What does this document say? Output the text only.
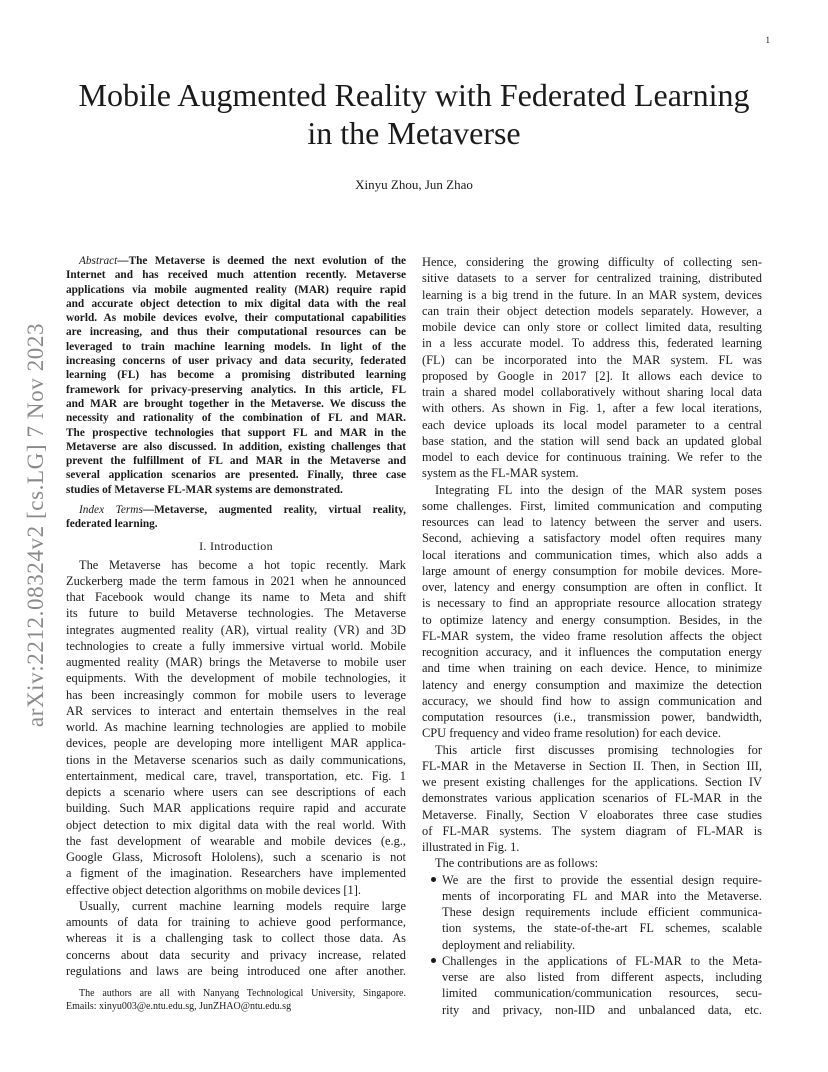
1
arXiv:2212.08324v2 [cs.LG] 7 Nov 2023
Mobile Augmented Reality with Federated Learning
in the Metaverse
Xinyu Zhou, Jun Zhao
Abstract—The Metaverse is deemed the next evolution of the
Internet and has received much attention recently. Metaverse
applications via mobile augmented reality (MAR) require rapid
and accurate object detection to mix digital data with the real
world. As mobile devices evolve, their computational capabilities
are increasing, and thus their computational resources can be
leveraged to train machine learning models. In light of the
increasing concerns of user privacy and data security, federated
learning (FL) has become a promising distributed learning
framework for privacy-preserving analytics. In this article, FL
and MAR are brought together in the Metaverse. We discuss the
necessity and rationality of the combination of FL and MAR.
The prospective technologies that support FL and MAR in the
Metaverse are also discussed. In addition, existing challenges that
prevent the fulfillment of FL and MAR in the Metaverse and
several application scenarios are presented. Finally, three case
studies of Metaverse FL-MAR systems are demonstrated.
Index Terms—Metaverse, augmented reality, virtual reality,
federated learning.
I. Introduction
The Metaverse has become a hot topic recently. Mark
Zuckerberg made the term famous in 2021 when he announced
that Facebook would change its name to Meta and shift
its future to build Metaverse technologies. The Metaverse
integrates augmented reality (AR), virtual reality (VR) and 3D
technologies to create a fully immersive virtual world. Mobile
augmented reality (MAR) brings the Metaverse to mobile user
equipments. With the development of mobile technologies, it
has been increasingly common for mobile users to leverage
AR services to interact and entertain themselves in the real
world. As machine learning technologies are applied to mobile
devices, people are developing more intelligent MAR applica-
tions in the Metaverse scenarios such as daily communications,
entertainment, medical care, travel, transportation, etc. Fig. 1
depicts a scenario where users can see descriptions of each
building. Such MAR applications require rapid and accurate
object detection to mix digital data with the real world. With
the fast development of wearable and mobile devices (e.g.,
Google Glass, Microsoft Hololens), such a scenario is not
a figment of the imagination. Researchers have implemented
effective object detection algorithms on mobile devices [1].
Usually, current machine learning models require large
amounts of data for training to achieve good performance,
whereas it is a challenging task to collect those data. As
concerns about data security and privacy increase, related
regulations and laws are being introduced one after another.
The authors are all with Nanyang Technological University, Singapore.
Emails: xinyu003@e.ntu.edu.sg, JunZHAO@ntu.edu.sg
Hence, considering the growing difficulty of collecting sen-
sitive datasets to a server for centralized training, distributed
learning is a big trend in the future. In an MAR system, devices
can train their object detection models separately. However, a
mobile device can only store or collect limited data, resulting
in a less accurate model. To address this, federated learning
(FL) can be incorporated into the MAR system. FL was
proposed by Google in 2017 [2]. It allows each device to
train a shared model collaboratively without sharing local data
with others. As shown in Fig. 1, after a few local iterations,
each device uploads its local model parameter to a central
base station, and the station will send back an updated global
model to each device for continuous training. We refer to the
system as the FL-MAR system.
Integrating FL into the design of the MAR system poses
some challenges. First, limited communication and computing
resources can lead to latency between the server and users.
Second, achieving a satisfactory model often requires many
local iterations and communication times, which also adds a
large amount of energy consumption for mobile devices. More-
over, latency and energy consumption are often in conflict. It
is necessary to find an appropriate resource allocation strategy
to optimize latency and energy consumption. Besides, in the
FL-MAR system, the video frame resolution affects the object
recognition accuracy, and it influences the computation energy
and time when training on each device. Hence, to minimize
latency and energy consumption and maximize the detection
accuracy, we should find how to assign communication and
computation resources (i.e., transmission power, bandwidth,
CPU frequency and video frame resolution) for each device.
This article first discusses promising technologies for
FL-MAR in the Metaverse in Section II. Then, in Section III,
we present existing challenges for the applications. Section IV
demonstrates various application scenarios of FL-MAR in the
Metaverse. Finally, Section V eloaborates three case studies
of FL-MAR systems. The system diagram of FL-MAR is
illustrated in Fig. 1.
The contributions are as follows:
We are the first to provide the essential design require-
ments of incorporating FL and MAR into the Metaverse.
These design requirements include efficient communica-
tion systems, the state-of-the-art FL schemes, scalable
deployment and reliability.
Challenges in the applications of FL-MAR to the Meta-
verse are also listed from different aspects, including
limited communication/communication resources, secu-
rity and privacy, non-IID and unbalanced data, etc.
